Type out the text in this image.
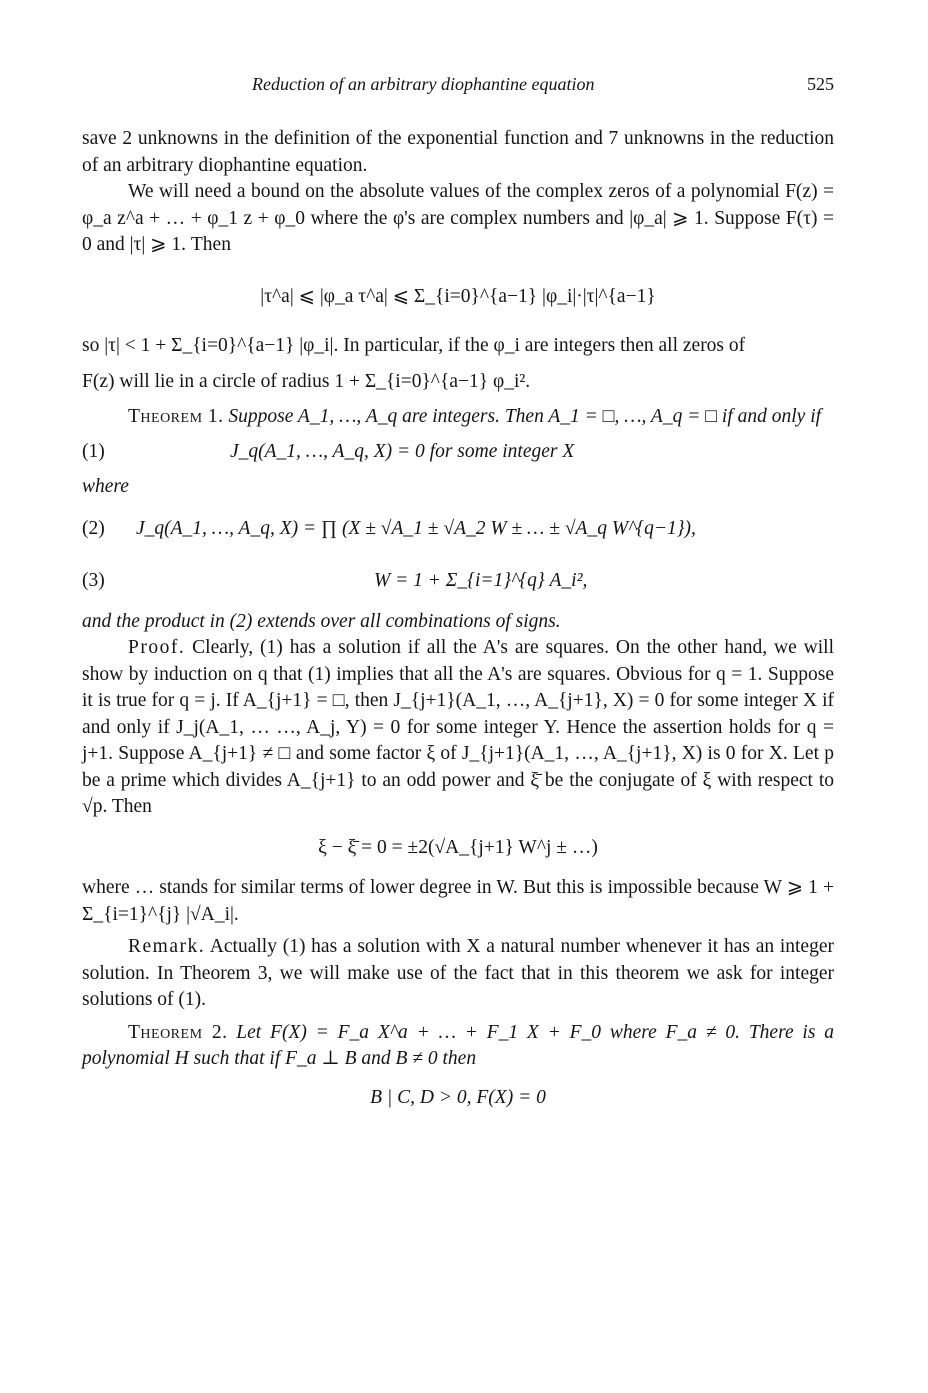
Reduction of an arbitrary diophantine equation	525

save 2 unknowns in the definition of the exponential function and 7 unknowns in the reduction of an arbitrary diophantine equation.

We will need a bound on the absolute values of the complex zeros of a polynomial F(z) = φ_a z^a + … + φ_1 z + φ_0 where the φ's are complex numbers and |φ_a| ⩾ 1. Suppose F(τ) = 0 and |τ| ⩾ 1. Then

|τ^a| ⩽ |φ_a τ^a| ⩽ Σ_{i=0}^{a−1} |φ_i|·|τ|^{a−1}

so |τ| < 1 + Σ_{i=0}^{a−1} |φ_i|. In particular, if the φ_i are integers then all zeros of

F(z) will lie in a circle of radius 1 + Σ_{i=0}^{a−1} φ_i².

Theorem 1. Suppose A_1, …, A_q are integers. Then A_1 = □, …, A_q = □ if and only if

(1)	J_q(A_1, …, A_q, X) = 0 for some integer X

where

(2) J_q(A_1, …, A_q, X) = ∏ (X ± √A_1 ± √A_2 W ± … ± √A_q W^{q−1}),
(3)	W = 1 + Σ_{i=1}^{q} A_i²,

and the product in (2) extends over all combinations of signs.

Proof. Clearly, (1) has a solution if all the A's are squares. On the other hand, we will show by induction on q that (1) implies that all the A's are squares. Obvious for q = 1. Suppose it is true for q = j. If A_{j+1} = □, then J_{j+1}(A_1, …, A_{j+1}, X) = 0 for some integer X if and only if J_j(A_1, … …, A_j, Y) = 0 for some integer Y. Hence the assertion holds for q = j+1. Suppose A_{j+1} ≠ □ and some factor ξ of J_{j+1}(A_1, …, A_{j+1}, X) is 0 for X. Let p be a prime which divides A_{j+1} to an odd power and ξ̄ be the conjugate of ξ with respect to √p. Then

ξ − ξ̄ = 0 = ±2(√A_{j+1} W^j ± …)

where … stands for similar terms of lower degree in W. But this is impossible because W ⩾ 1 + Σ_{i=1}^{j} |√A_i|.

Remark. Actually (1) has a solution with X a natural number whenever it has an integer solution. In Theorem 3, we will make use of the fact that in this theorem we ask for integer solutions of (1).

Theorem 2. Let F(X) = F_a X^a + … + F_1 X + F_0 where F_a ≠ 0. There is a polynomial H such that if F_a ⊥ B and B ≠ 0 then

B | C, D > 0, F(X) = 0
